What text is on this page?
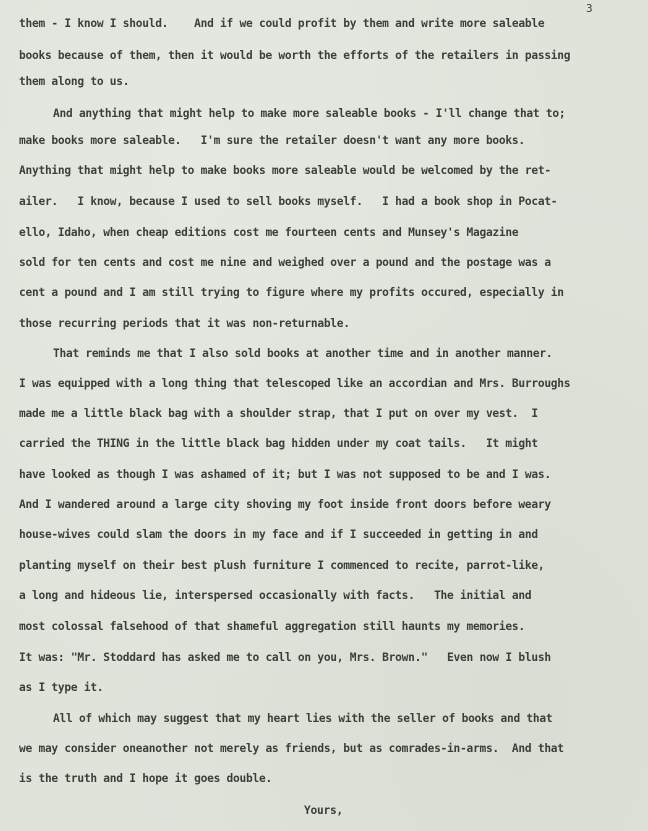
3
them - I know I should.    And if we could profit by them and write more saleable
books because of them, then it would be worth the efforts of the retailers in passing
them along to us.
And anything that might help to make more saleable books - I'll change that to;
make books more saleable.   I'm sure the retailer doesn't want any more books.
Anything that might help to make books more saleable would be welcomed by the ret-
ailer.   I know, because I used to sell books myself.   I had a book shop in Pocat-
ello, Idaho, when cheap editions cost me fourteen cents and Munsey's Magazine
sold for ten cents and cost me nine and weighed over a pound and the postage was a
cent a pound and I am still trying to figure where my profits occured, especially in
those recurring periods that it was non-returnable.
That reminds me that I also sold books at another time and in another manner.
I was equipped with a long thing that telescoped like an accordian and Mrs. Burroughs
made me a little black bag with a shoulder strap, that I put on over my vest.  I
carried the THING in the little black bag hidden under my coat tails.   It might
have looked as though I was ashamed of it; but I was not supposed to be and I was.
And I wandered around a large city shoving my foot inside front doors before weary
house-wives could slam the doors in my face and if I succeeded in getting in and
planting myself on their best plush furniture I commenced to recite, parrot-like,
a long and hideous lie, interspersed occasionally with facts.   The initial and
most colossal falsehood of that shameful aggregation still haunts my memories.
It was: "Mr. Stoddard has asked me to call on you, Mrs. Brown."   Even now I blush
as I type it.
All of which may suggest that my heart lies with the seller of books and that
we may consider oneanother not merely as friends, but as comrades-in-arms.  And that
is the truth and I hope it goes double.
Yours,
